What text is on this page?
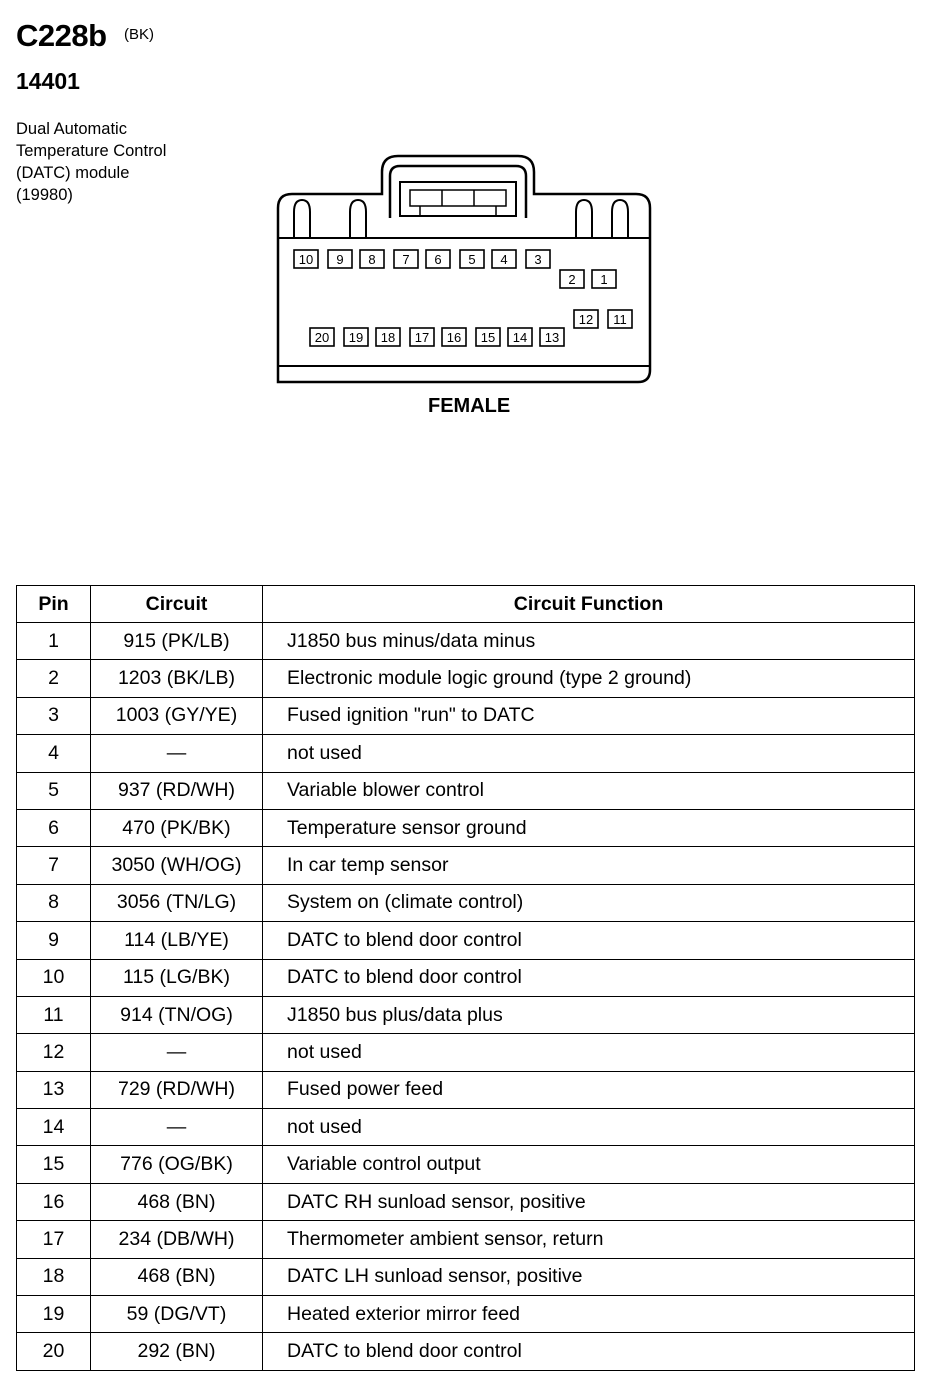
C228b (BK)
14401
Dual Automatic
Temperature Control
(DATC) module
(19980)
1
2
3
4
5
6
7
8
9
10
11
12
13
14
15
16
17
18
19
20
FEMALE
Pin	Circuit	Circuit Function
1	915 (PK/LB)	J1850 bus minus/data minus
2	1203 (BK/LB)	Electronic module logic ground (type 2 ground)
3	1003 (GY/YE)	Fused ignition "run" to DATC
4	—	not used
5	937 (RD/WH)	Variable blower control
6	470 (PK/BK)	Temperature sensor ground
7	3050 (WH/OG)	In car temp sensor
8	3056 (TN/LG)	System on (climate control)
9	114 (LB/YE)	DATC to blend door control
10	115 (LG/BK)	DATC to blend door control
11	914 (TN/OG)	J1850 bus plus/data plus
12	—	not used
13	729 (RD/WH)	Fused power feed
14	—	not used
15	776 (OG/BK)	Variable control output
16	468 (BN)	DATC RH sunload sensor, positive
17	234 (DB/WH)	Thermometer ambient sensor, return
18	468 (BN)	DATC LH sunload sensor, positive
19	59 (DG/VT)	Heated exterior mirror feed
20	292 (BN)	DATC to blend door control
